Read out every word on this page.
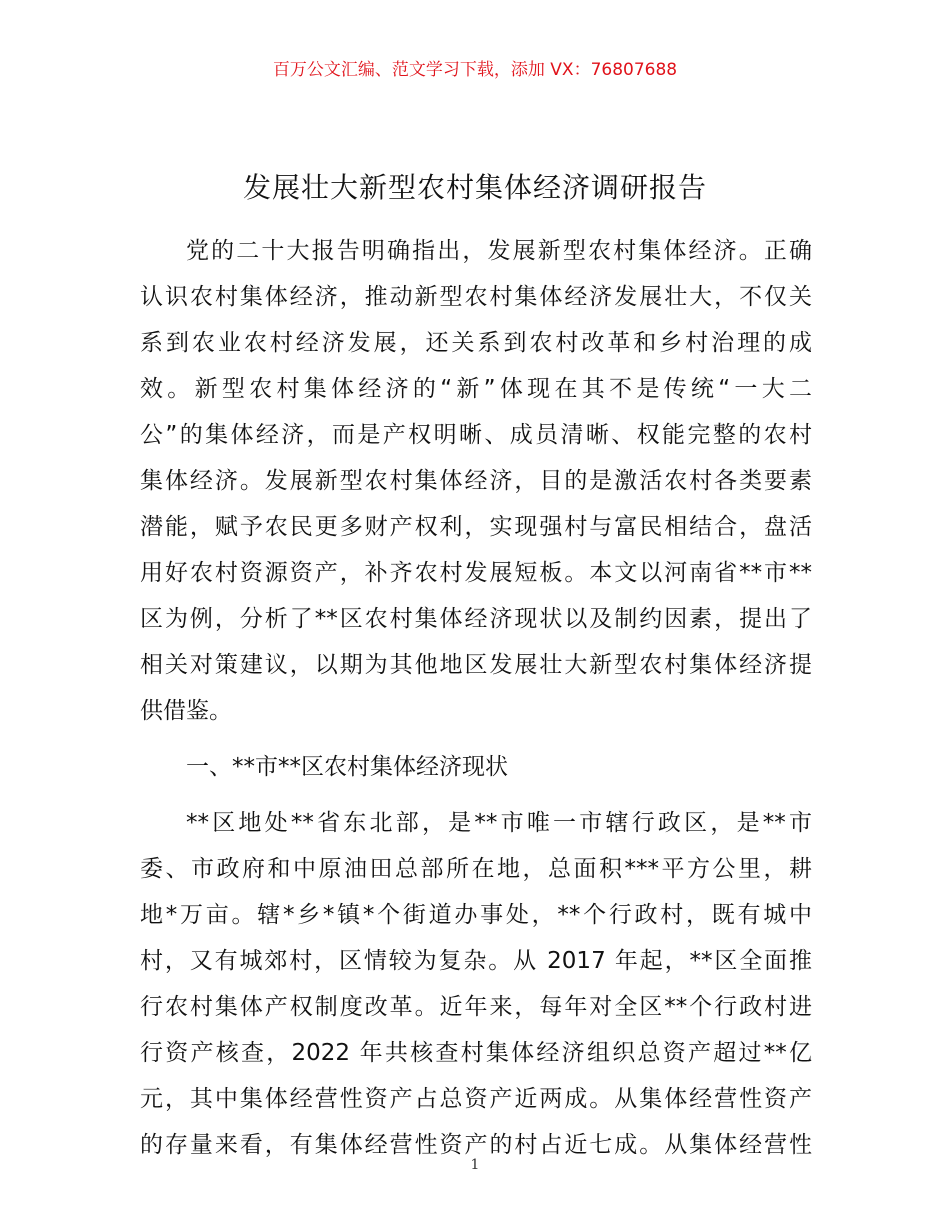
百万公文汇编、范文学习下载，添加 VX：76807688
发展壮大新型农村集体经济调研报告
党的二十大报告明确指出，发展新型农村集体经济。正确
认识农村集体经济，推动新型农村集体经济发展壮大，不仅关
系到农业农村经济发展，还关系到农村改革和乡村治理的成
效。新型农村集体经济的“新”体现在其不是传统“一大二
公”的集体经济，而是产权明晰、成员清晰、权能完整的农村
集体经济。发展新型农村集体经济，目的是激活农村各类要素
潜能，赋予农民更多财产权利，实现强村与富民相结合，盘活
用好农村资源资产，补齐农村发展短板。本文以河南省**市**
区为例，分析了**区农村集体经济现状以及制约因素，提出了
相关对策建议，以期为其他地区发展壮大新型农村集体经济提
供借鉴。
一、**市**区农村集体经济现状
**区地处**省东北部，是**市唯一市辖行政区，是**市
委、市政府和中原油田总部所在地，总面积***平方公里，耕
地*万亩。辖*乡*镇*个街道办事处，**个行政村，既有城中
村，又有城郊村，区情较为复杂。从 2017 年起，**区全面推
行农村集体产权制度改革。近年来，每年对全区**个行政村进
行资产核查，2022 年共核查村集体经济组织总资产超过**亿
元，其中集体经营性资产占总资产近两成。从集体经营性资产
的存量来看，有集体经营性资产的村占近七成。从集体经营性
1
